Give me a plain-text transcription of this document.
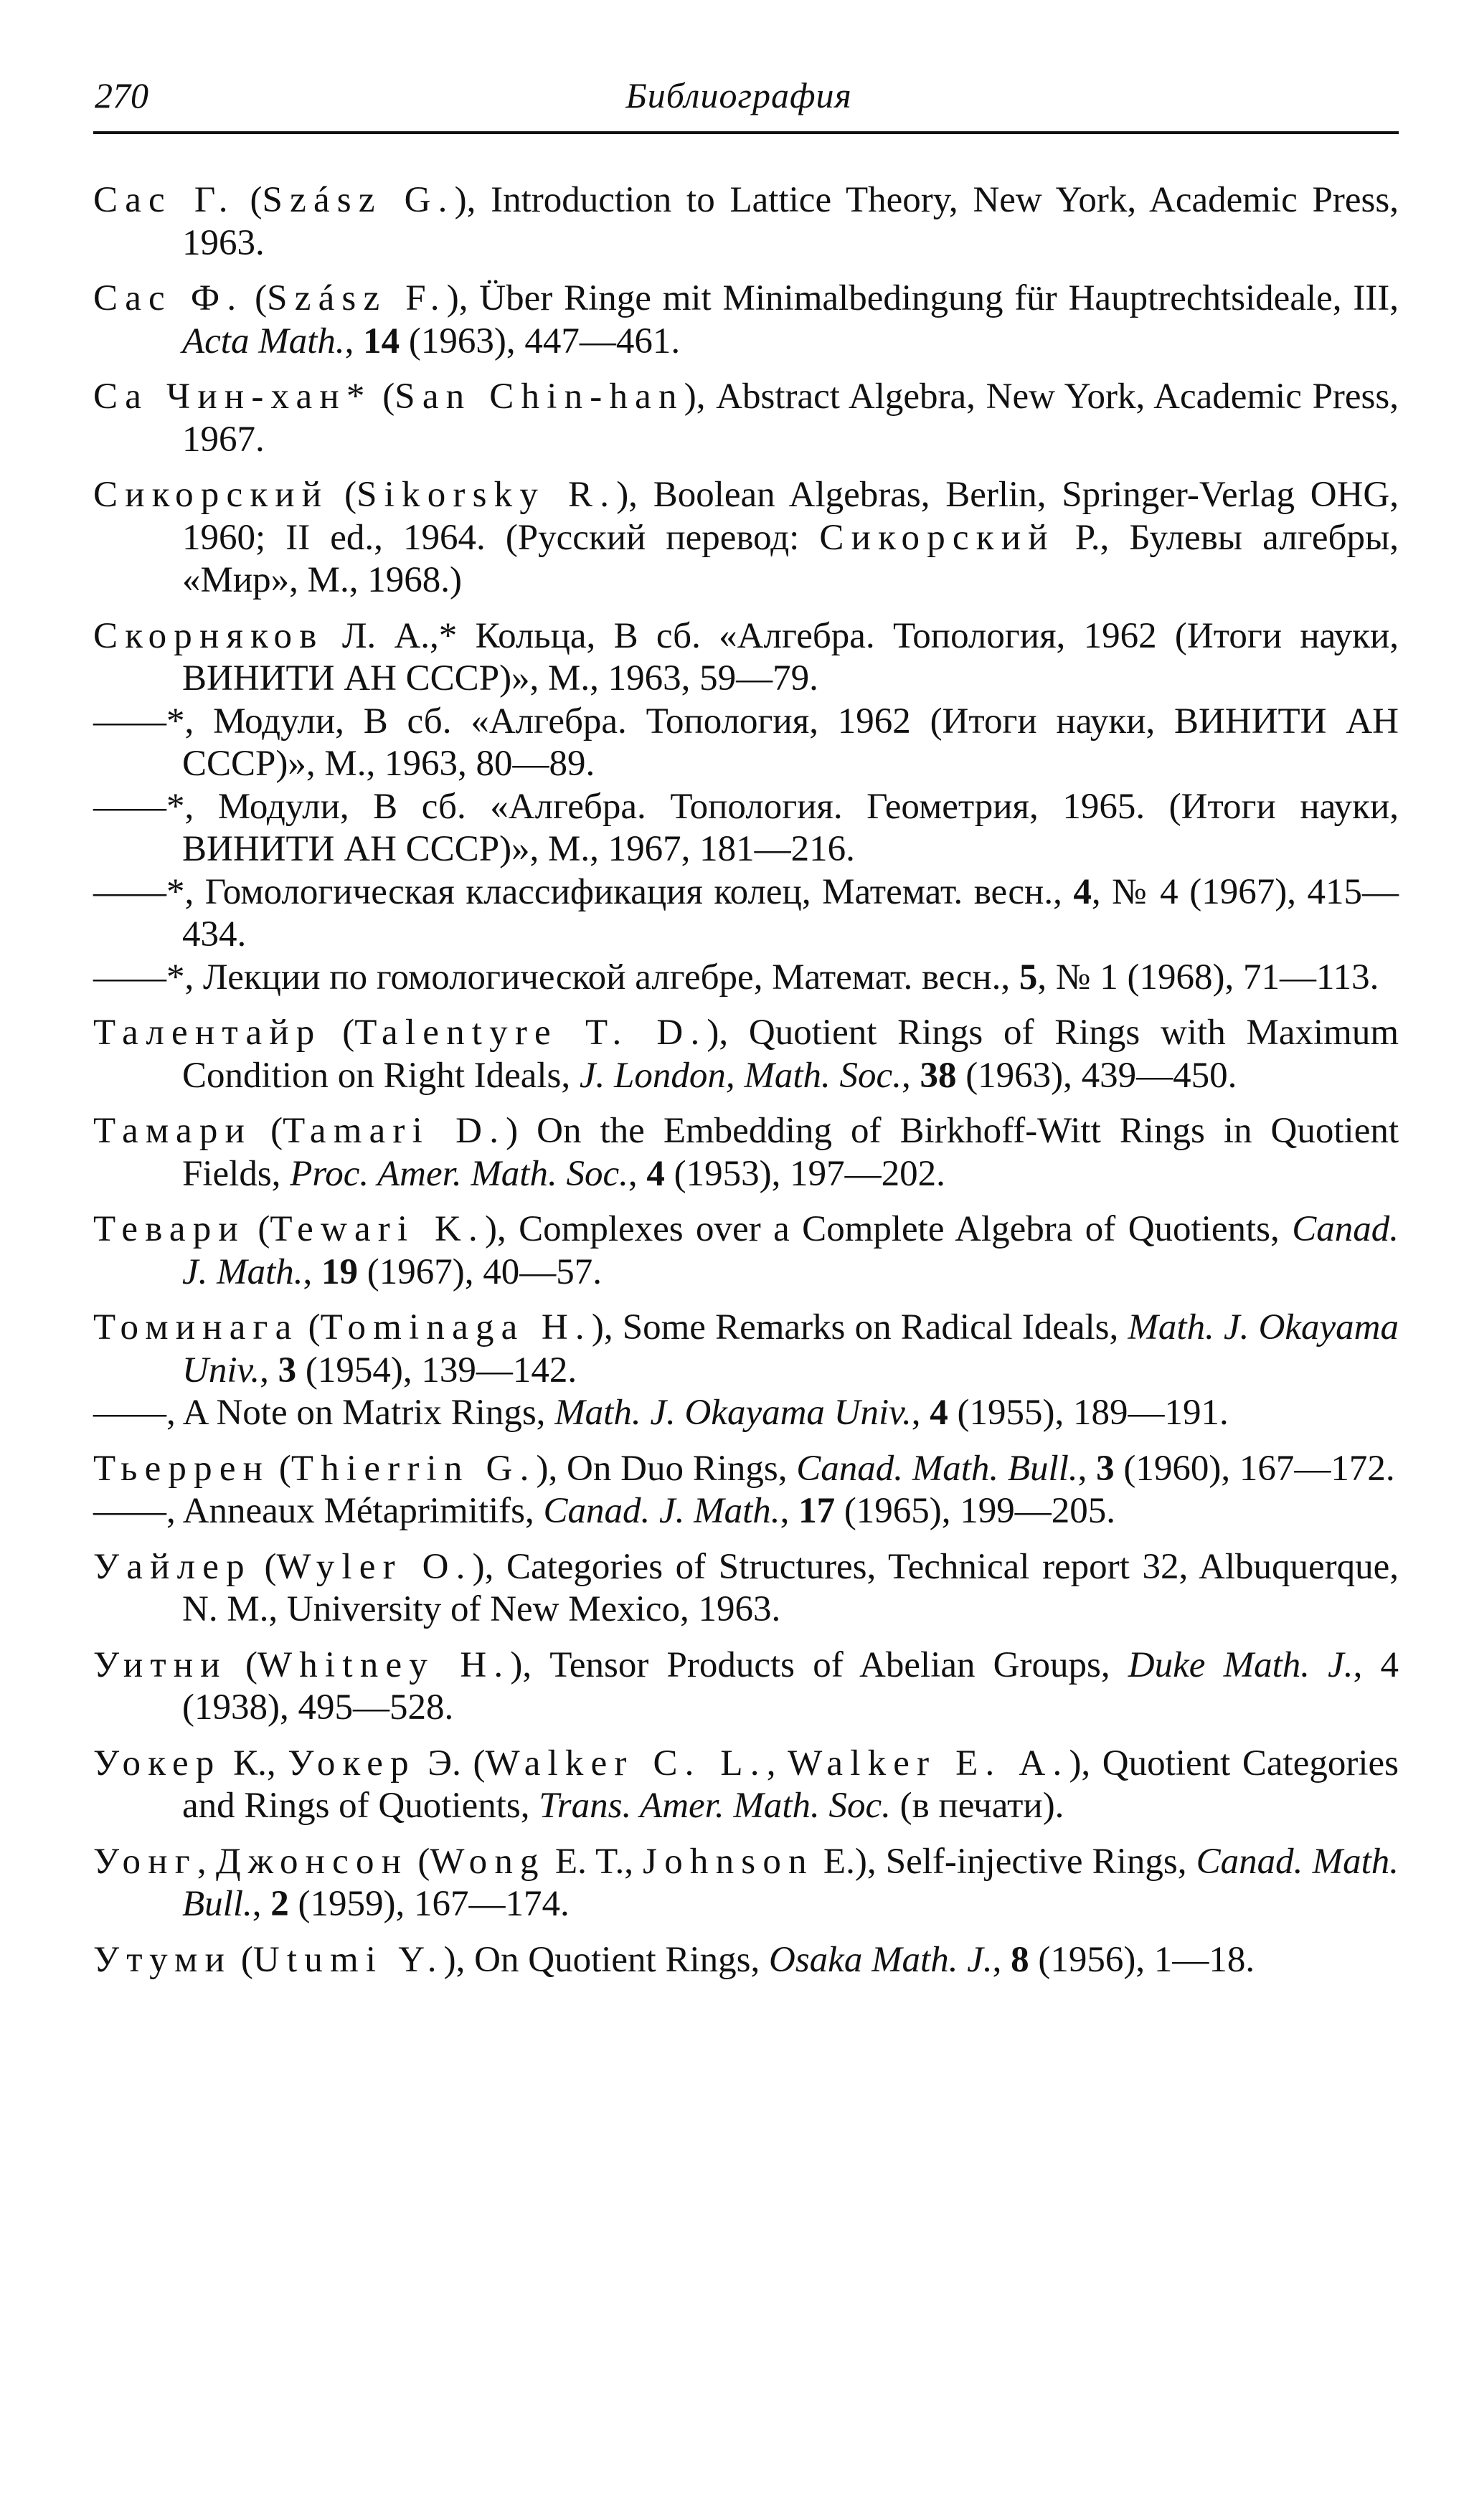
270	Библиография

Сас Г. (Szász G.), Introduction to Lattice Theory, New York, Academic Press, 1963.

Сас Ф. (Szász F.), Über Ringe mit Minimalbedingung für Hauptrechtsideale, III, Acta Math., 14 (1963), 447—461.

Са Чин-хан* (San Chin-han), Abstract Algebra, New York, Academic Press, 1967.

Сикорский (Sikorsky R.), Boolean Algebras, Berlin, Springer-Verlag OHG, 1960; II ed., 1964. (Русский перевод: Сикорский Р., Булевы алгебры, «Мир», М., 1968.)

Скорняков Л. А.,* Кольца, В сб. «Алгебра. Топология, 1962 (Итоги науки, ВИНИТИ АН СССР)», М., 1963, 59—79.

——*, Модули, В сб. «Алгебра. Топология, 1962 (Итоги науки, ВИНИТИ АН СССР)», М., 1963, 80—89.

——*, Модули, В сб. «Алгебра. Топология. Геометрия, 1965. (Итоги науки, ВИНИТИ АН СССР)», М., 1967, 181—216.

——*, Гомологическая классификация колец, Математ. весн., 4, № 4 (1967), 415—434.

——*, Лекции по гомологической алгебре, Математ. весн., 5, № 1 (1968), 71—113.

Талентайр (Talentyre T. D.), Quotient Rings of Rings with Maximum Condition on Right Ideals, J. London, Math. Soc., 38 (1963), 439—450.

Тамари (Tamari D.) On the Embedding of Birkhoff-Witt Rings in Quotient Fields, Proc. Amer. Math. Soc., 4 (1953), 197—202.

Тевари (Tewari K.), Complexes over a Complete Algebra of Quotients, Canad. J. Math., 19 (1967), 40—57.

Томинага (Tominaga H.), Some Remarks on Radical Ideals, Math. J. Okayama Univ., 3 (1954), 139—142.

——, A Note on Matrix Rings, Math. J. Okayama Univ., 4 (1955), 189—191.

Тьеррен (Thierrin G.), On Duo Rings, Canad. Math. Bull., 3 (1960), 167—172.

——, Anneaux Métaprimitifs, Canad. J. Math., 17 (1965), 199—205.

Уайлер (Wyler O.), Categories of Structures, Technical report 32, Albuquerque, N. M., University of New Mexico, 1963.

Уитни (Whitney H.), Tensor Products of Abelian Groups, Duke Math. J., 4 (1938), 495—528.

Уокер К., Уокер Э. (Walker C. L., Walker E. A.), Quotient Categories and Rings of Quotients, Trans. Amer. Math. Soc. (в печати).

Уонг, Джонсон (Wong E. T., Johnson E.), Self-injective Rings, Canad. Math. Bull., 2 (1959), 167—174.

Утуми (Utumi Y.), On Quotient Rings, Osaka Math. J., 8 (1956), 1—18.
